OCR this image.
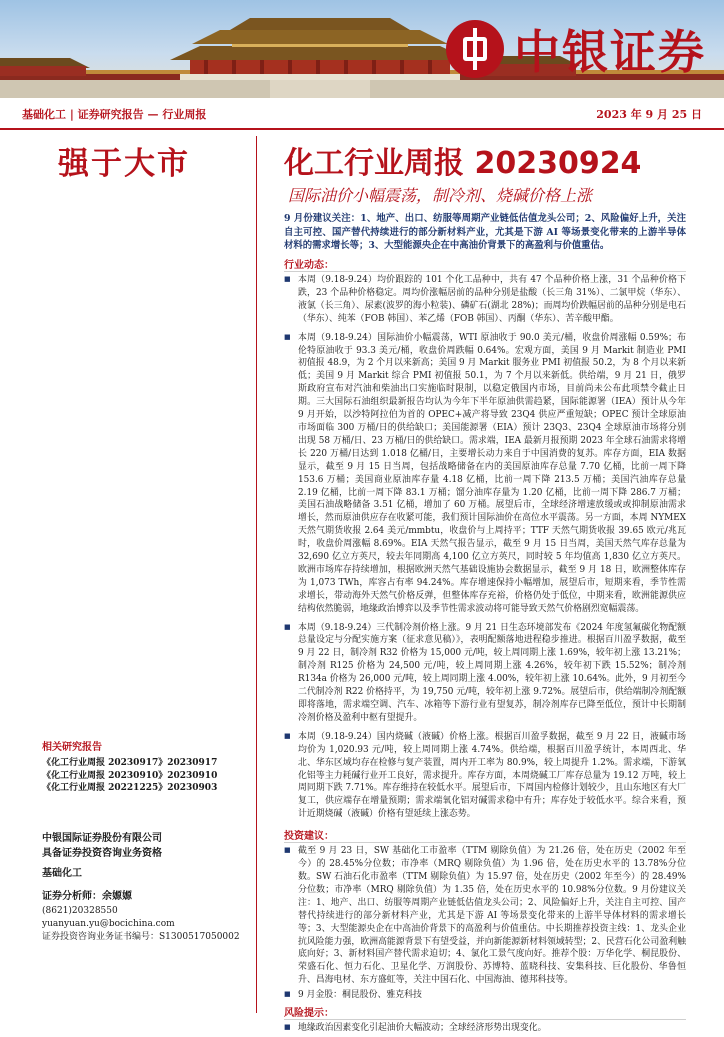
中银证券
基础化工 | 证券研究报告 — 行业周报	2023 年 9 月 25 日
强于大市	化工行业周报 20230924
国际油价小幅震荡，制冷剂、烧碱价格上涨
9 月份建议关注：1、地产、出口、纺服等周期产业链低估值龙头公司；2、风险偏好上升，关注自主可控、国产替代持续进行的部分新材料产业，尤其是下游 AI 等场景变化带来的上游半导体材料的需求增长等；3、大型能源央企在中高油价背景下的高盈利与价值重估。
行业动态：

■ 本周（9.18-9.24）均价跟踪的 101 个化工品种中，共有 47 个品种价格上涨，31 个品种价格下跌，23 个品种价格稳定。周均价涨幅居前的品种分别是盐酸（长三角 31%）、二氯甲烷（华东）、液氯（长三角）、尿素(波罗的海小粒装)、磷矿石(湖北 28%)；而周均价跌幅居前的品种分别是电石（华东）、纯苯（FOB 韩国）、苯乙烯（FOB 韩国）、丙酮（华东）、苦辛酸甲酯。

■ 本周（9.18-9.24）国际油价小幅震荡，WTI 原油收于 90.0 美元/桶，收盘价周涨幅 0.59%；布伦特原油收于 93.3 美元/桶，收盘价周跌幅 0.64%。宏观方面，美国 9 月 Markit 制造业 PMI 初值报 48.9，为 2 个月以来新高；美国 9 月 Markit 服务业 PMI 初值报 50.2，为 8 个月以来新低；美国 9 月 Markit 综合 PMI 初值报 50.1，为 7 个月以来新低。供给端，9 月 21 日，俄罗斯政府宣布对汽油和柴油出口实施临时限制，以稳定俄国内市场，目前尚未公布此项禁令截止日期。三大国际石油组织最新报告均认为今年下半年原油供需趋紧，国际能源署（IEA）预计从今年 9 月开始，以沙特阿拉伯为首的 OPEC+减产将导致 23Q4 供应严重短缺；OPEC 预计全球原油市场面临 300 万桶/日的供给缺口；美国能源署（EIA）预计 23Q3、23Q4 全球原油市场将分别出现 58 万桶/日、23 万桶/日的供给缺口。需求端，IEA 最新月报预期 2023 年全球石油需求将增长 220 万桶/日达到 1.018 亿桶/日，主要增长动力来自于中国消费的复苏。库存方面，EIA 数据显示，截至 9 月 15 日当周，包括战略储备在内的美国原油库存总量 7.70 亿桶，比前一周下降 153.6 万桶；美国商业原油库存量 4.18 亿桶，比前一周下降 213.5 万桶；美国汽油库存总量 2.19 亿桶，比前一周下降 83.1 万桶；馏分油库存量为 1.20 亿桶，比前一周下降 286.7 万桶；美国石油战略储备 3.51 亿桶，增加了 60 万桶。展望后市，全球经济增速放缓或或抑制原油需求增长，然而原油供应存在收紧可能，我们预计国际油价在高位水平震荡。另一方面，本周 NYMEX 天然气期货收报 2.64 美元/mmbtu，收盘价与上周持平；TTF 天然气期货收报 39.65 欧元/兆瓦时，收盘价周涨幅 8.69%。EIA 天然气报告显示，截至 9 月 15 日当周，美国天然气库存总量为 32,690 亿立方英尺，较去年同期高 4,100 亿立方英尺，同时较 5 年均值高 1,830 亿立方英尺。欧洲市场库存持续增加，根据欧洲天然气基础设施协会数据显示，截至 9 月 18 日，欧洲整体库存为 1,073 TWh，库容占有率 94.24%。库存增速保持小幅增加，展望后市，短期来看，季节性需求增长，带动海外天然气价格反弹，但整体库存充裕，价格仍处于低位，中期来看，欧洲能源供应结构依然脆弱，地缘政治博弈以及季节性需求波动将可能导致天然气价格剧烈宽幅震荡。

■ 本周（9.18-9.24）三代制冷剂价格上涨。9 月 21 日生态环境部发布《2024 年度氢氟碳化物配额总量设定与分配实施方案（征求意见稿）》，表明配额落地进程稳步推进。根据百川盈孚数据，截至 9 月 22 日，制冷剂 R32 价格为 15,000 元/吨，较上周同期上涨 1.69%，较年初上涨 13.21%；制冷剂 R125 价格为 24,500 元/吨，较上周同期上涨 4.26%，较年初下跌 15.52%；制冷剂 R134a 价格为 26,000 元/吨，较上周同期上涨 4.00%，较年初上涨 10.64%。此外，9 月初至今二代制冷剂 R22 价格持平，为 19,750 元/吨，较年初上涨 9.72%。展望后市，供给端制冷剂配额即将落地，需求端空调、汽车、冰箱等下游行业有望复苏，制冷剂库存已降至低位，预计中长期制冷剂价格及盈利中枢有望提升。

■ 本周（9.18-9.24）国内烧碱（液碱）价格上涨。根据百川盈孚数据，截至 9 月 22 日，液碱市场均价为 1,020.93 元/吨，较上周同期上涨 4.74%。供给端，根据百川盈孚统计，本周西北、华北、华东区域均存在检修与复产装置，周内开工率为 80.9%，较上周提升 1.2%。需求端，下游氧化铝等主力耗碱行业开工良好，需求提升。库存方面，本周烧碱工厂库存总量为 19.12 万吨，较上周同期下跌 7.71%。库存维持在较低水平。展望后市，下周国内检修计划较少，且山东地区有大厂复工，供应端存在增量预期；需求端氧化铝对碱需求稳中有升；库存处于较低水平。综合来看，预计近期烧碱（液碱）价格有望延续上涨态势。

投资建议：

■ 截至 9 月 23 日，SW 基础化工市盈率（TTM 剔除负值）为 21.26 倍，处在历史（2002 年至今）的 28.45%分位数；市净率（MRQ 剔除负值）为 1.96 倍，处在历史水平的 13.78%分位数。SW 石油石化市盈率（TTM 剔除负值）为 15.97 倍，处在历史（2002 年至今）的 28.49%分位数；市净率（MRQ 剔除负值）为 1.35 倍，处在历史水平的 10.98%分位数。9 月份建议关注：1、地产、出口、纺服等周期产业链低估值龙头公司；2、风险偏好上升，关注自主可控、国产替代持续进行的部分新材料产业，尤其是下游 AI 等场景变化带来的上游半导体材料的需求增长等；3、大型能源央企在中高油价背景下的高盈利与价值重估。中长期推荐投资主线：1、龙头企业抗风险能力强，欧洲高能源背景下有望受益，并向新能源新材料领域转型；2、民营石化公司盈利触底向好；3、新材料国产替代需求迫切；4、氯化工景气度向好。推荐个股：万华化学、桐昆股份、荣盛石化、恒力石化、卫星化学、万润股份、苏博特、蓝晓科技、安集科技、巨化股份、华鲁恒升、昌海电材、东方盛虹等，关注中国石化、中国海油、德邦科技等。

■ 9 月金股：桐昆股份、雅克科技

风险提示：

■ 地缘政治因素变化引起油价大幅波动；全球经济形势出现变化。

相关研究报告
《化工行业周报 20230917》20230917
《化工行业周报 20230910》20230910
《化工行业周报 20221225》20230903
中银国际证券股份有限公司
具备证券投资咨询业务资格
基础化工
证券分析师：余嫄嫄
(8621)20328550
yuanyuan.yu@bocichina.com
证券投资咨询业务证书编号：S1300517050002
